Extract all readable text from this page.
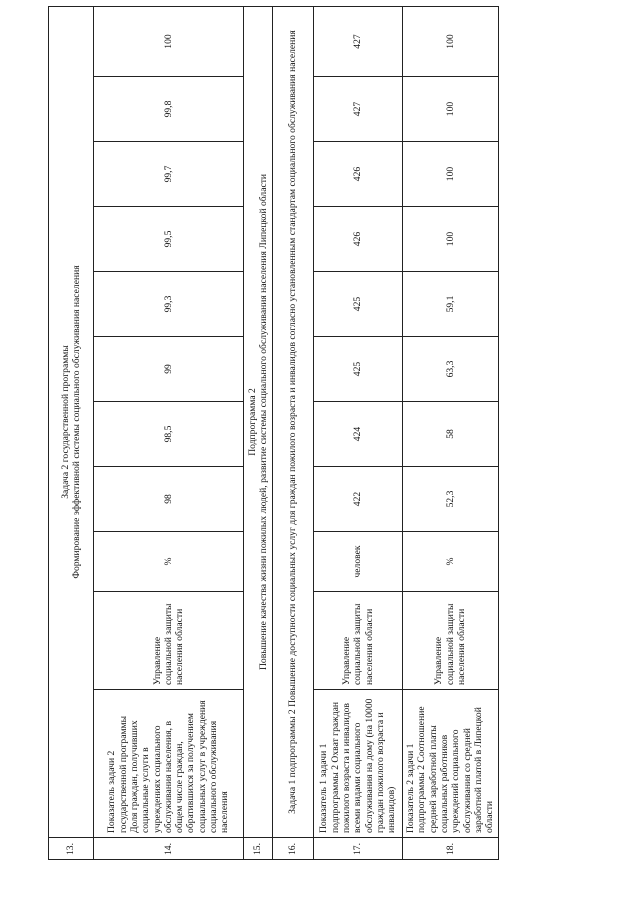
13.	Задача 2 государственной программы Формирование эффективной системы социального обслуживания населения										

14.	Показатель задачи 2 государственной программы Доля граждан, получивших социальные услуги в учреждениях социального обслуживания населения, в общем числе граждан, обратившихся за получением социальных услуг в учреждения социального обслуживания населения	Управление социальной защиты населения области	%	98	98,5	99	99,3	99,5	99,7	99,8	100
15.	Подпрограмма 2 Повышение качества жизни пожилых людей, развитие системы социального обслуживания населения Липецкой области										

16.	Задача 1 подпрограммы 2 Повышение доступности социальных услуг для граждан пожилого возраста и инвалидов согласно установленным стандартам социального обслуживания населения										
17.	Показатель 1 задачи 1 подпрограммы 2 Охват граждан пожилого возраста и инвалидов всеми видами социального обслуживания на дому (на 10000 граждан пожилого возраста и инвалидов)	Управление социальной защиты населения области	человек	422	424	425	425	426	426	427	427
18.	Показатель 2 задачи 1 подпрограммы 2 Соотношение средней заработной платы социальных работников учреждений социального обслуживания со средней заработной платой в Липецкой области	Управление социальной защиты населения области	%	52,3	58	63,3	59,1	100	100	100	100
